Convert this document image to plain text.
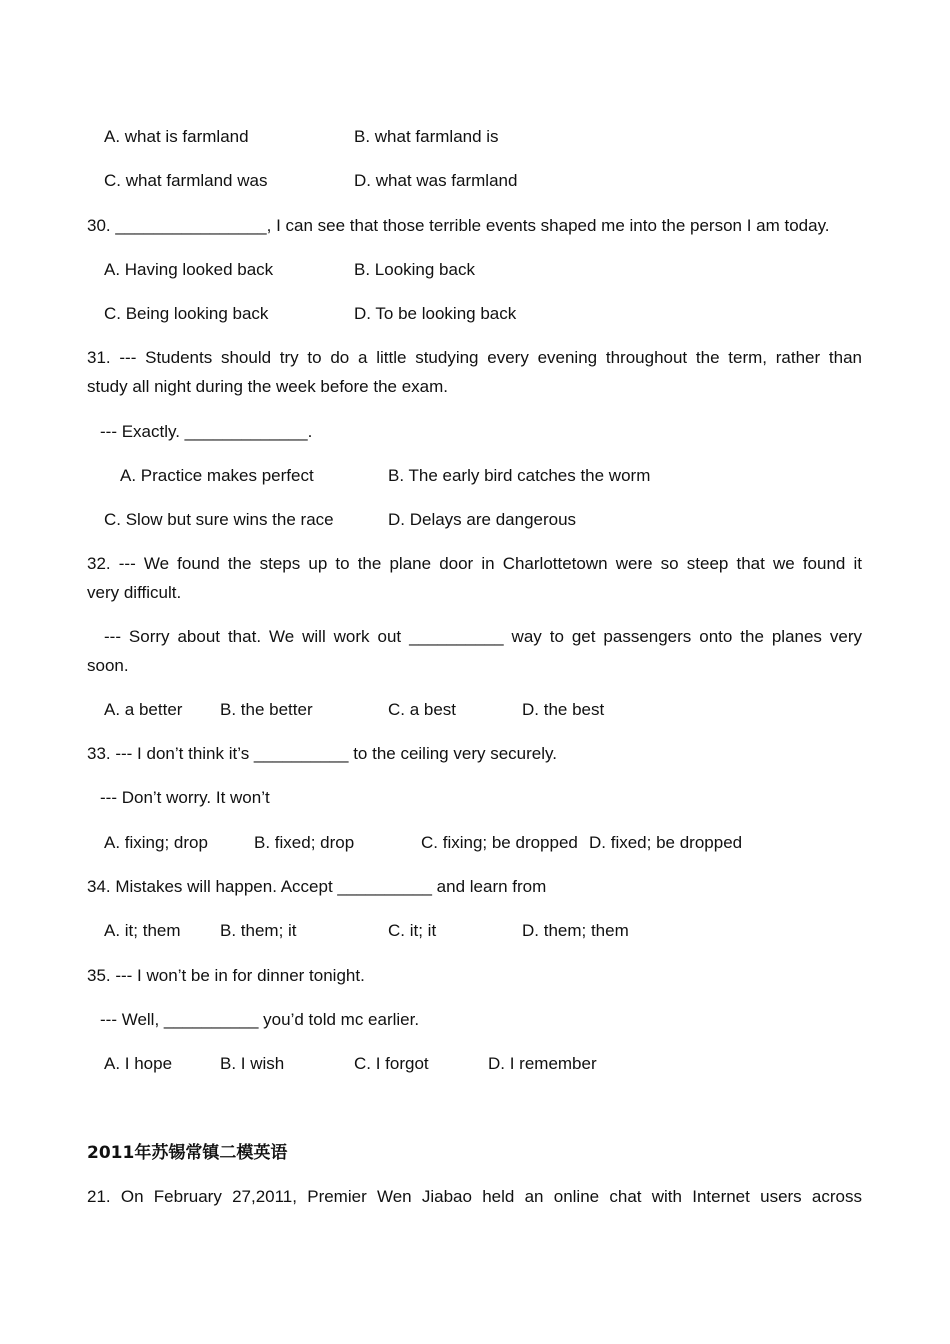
A. what is farmland	B. what farmland is
C. what farmland was	D. what was farmland
30. ________________, I can see that those terrible events shaped me into the person I am today.
A. Having looked back	B. Looking back
C. Being looking back	D. To be looking back
31. --- Students should try to do a little studying every evening throughout the term, rather than
study all night during the week before the exam.
--- Exactly. _____________.
A. Practice makes perfect	B. The early bird catches the worm
C. Slow but sure wins the race	D. Delays are dangerous
32. --- We found the steps up to the plane door in Charlottetown were so steep that we found it
very difficult.
--- Sorry about that. We will work out __________ way to get passengers onto the planes very
soon.
A. a better B. the better	C. a best	D. the best
33. --- I don’t think it’s __________ to the ceiling very securely.
--- Don’t worry. It won’t
A. fixing; drop	B. fixed; drop	C. fixing; be dropped D. fixed; be dropped
34. Mistakes will happen. Accept __________ and learn from
A. it; them B. them; it	C. it; it	D. them; them
35. --- I won’t be in for dinner tonight.
--- Well, __________ you’d told mc earlier.
A. I hope	B. I wish	C. I forgot	D. I remember
2011年苏锡常镇二模英语
21. On February 27,2011, Premier Wen Jiabao held an online chat with Internet users across
